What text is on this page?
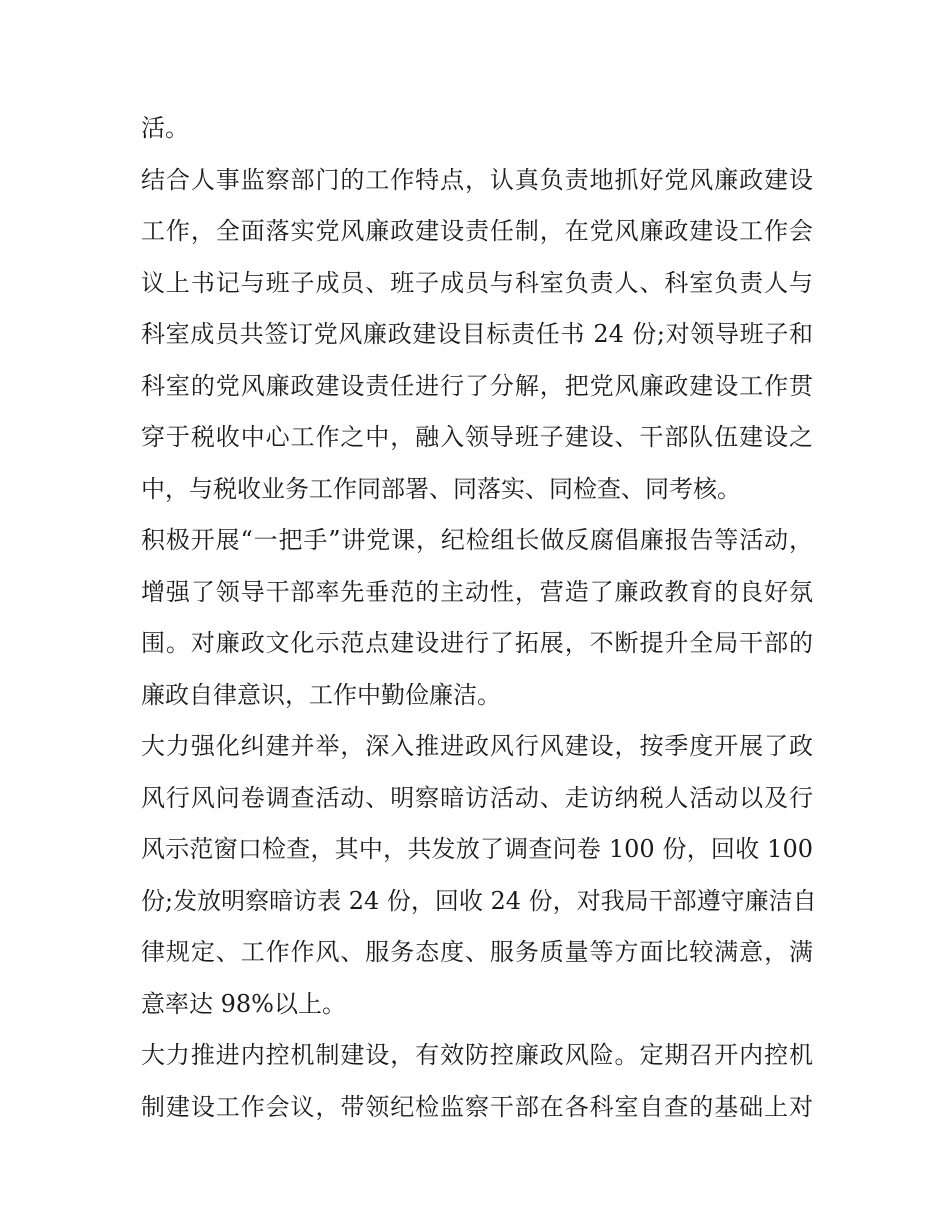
活。
结合人事监察部门的工作特点，认真负责地抓好党风廉政建设
工作，全面落实党风廉政建设责任制，在党风廉政建设工作会
议上书记与班子成员、班子成员与科室负责人、科室负责人与
科室成员共签订党风廉政建设目标责任书 24 份;对领导班子和
科室的党风廉政建设责任进行了分解，把党风廉政建设工作贯
穿于税收中心工作之中，融入领导班子建设、干部队伍建设之
中，与税收业务工作同部署、同落实、同检查、同考核。
积极开展“一把手”讲党课，纪检组长做反腐倡廉报告等活动，
增强了领导干部率先垂范的主动性，营造了廉政教育的良好氛
围。对廉政文化示范点建设进行了拓展，不断提升全局干部的
廉政自律意识，工作中勤俭廉洁。
大力强化纠建并举，深入推进政风行风建设，按季度开展了政
风行风问卷调查活动、明察暗访活动、走访纳税人活动以及行
风示范窗口检查，其中，共发放了调查问卷 100 份，回收 100
份;发放明察暗访表 24 份，回收 24 份，对我局干部遵守廉洁自
律规定、工作作风、服务态度、服务质量等方面比较满意，满
意率达 98%以上。
大力推进内控机制建设，有效防控廉政风险。定期召开内控机
制建设工作会议，带领纪检监察干部在各科室自查的基础上对
